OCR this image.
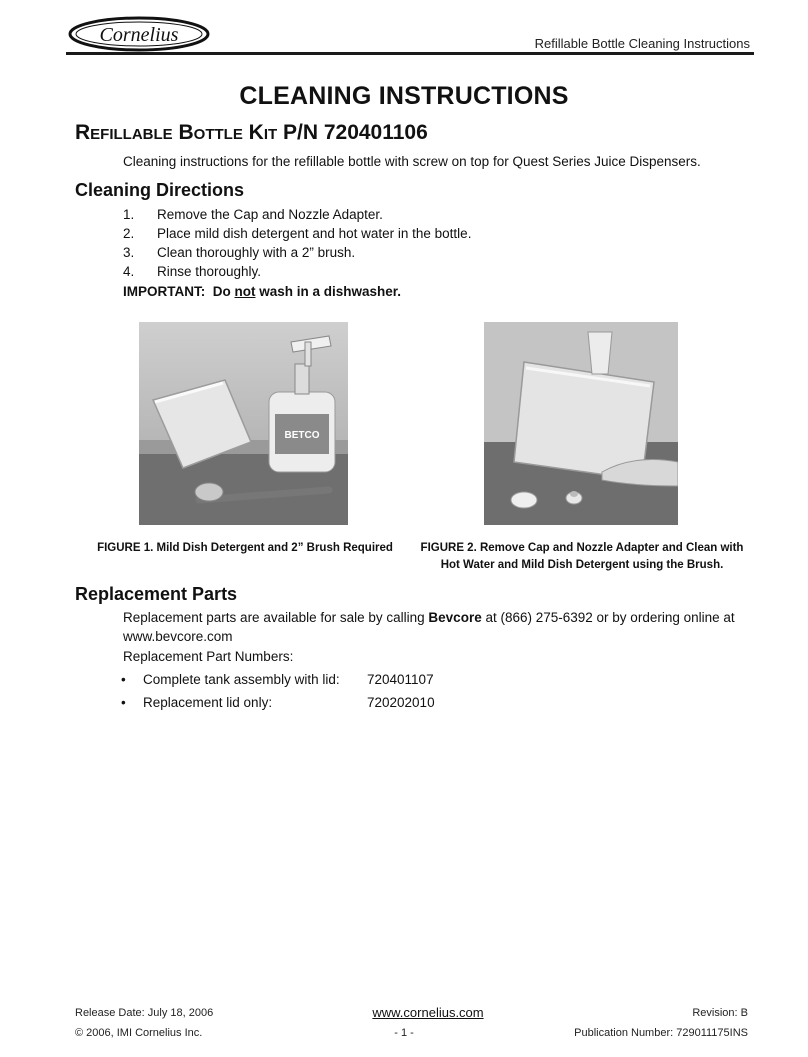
Cornelius	Refillable Bottle Cleaning Instructions
CLEANING INSTRUCTIONS
Refillable Bottle Kit P/N 720401106
Cleaning instructions for the refillable bottle with screw on top for Quest Series Juice Dispensers.
Cleaning Directions
1. Remove the Cap and Nozzle Adapter.
2. Place mild dish detergent and hot water in the bottle.
3. Clean thoroughly with a 2” brush.
4. Rinse thoroughly.
IMPORTANT:  Do not wash in a dishwasher.
BETCO
FIGURE 1. Mild Dish Detergent and 2” Brush Required	FIGURE 2. Remove Cap and Nozzle Adapter and Clean with Hot Water and Mild Dish Detergent using the Brush.
Replacement Parts
Replacement parts are available for sale by calling Bevcore at (866) 275-6392 or by ordering online at www.bevcore.com
Replacement Part Numbers:
• Complete tank assembly with lid: 720401107
• Replacement lid only:	720202010
Release Date: July 18, 2006	www.cornelius.com	Revision: B
© 2006, IMI Cornelius Inc.	- 1 -	Publication Number: 729011175INS
